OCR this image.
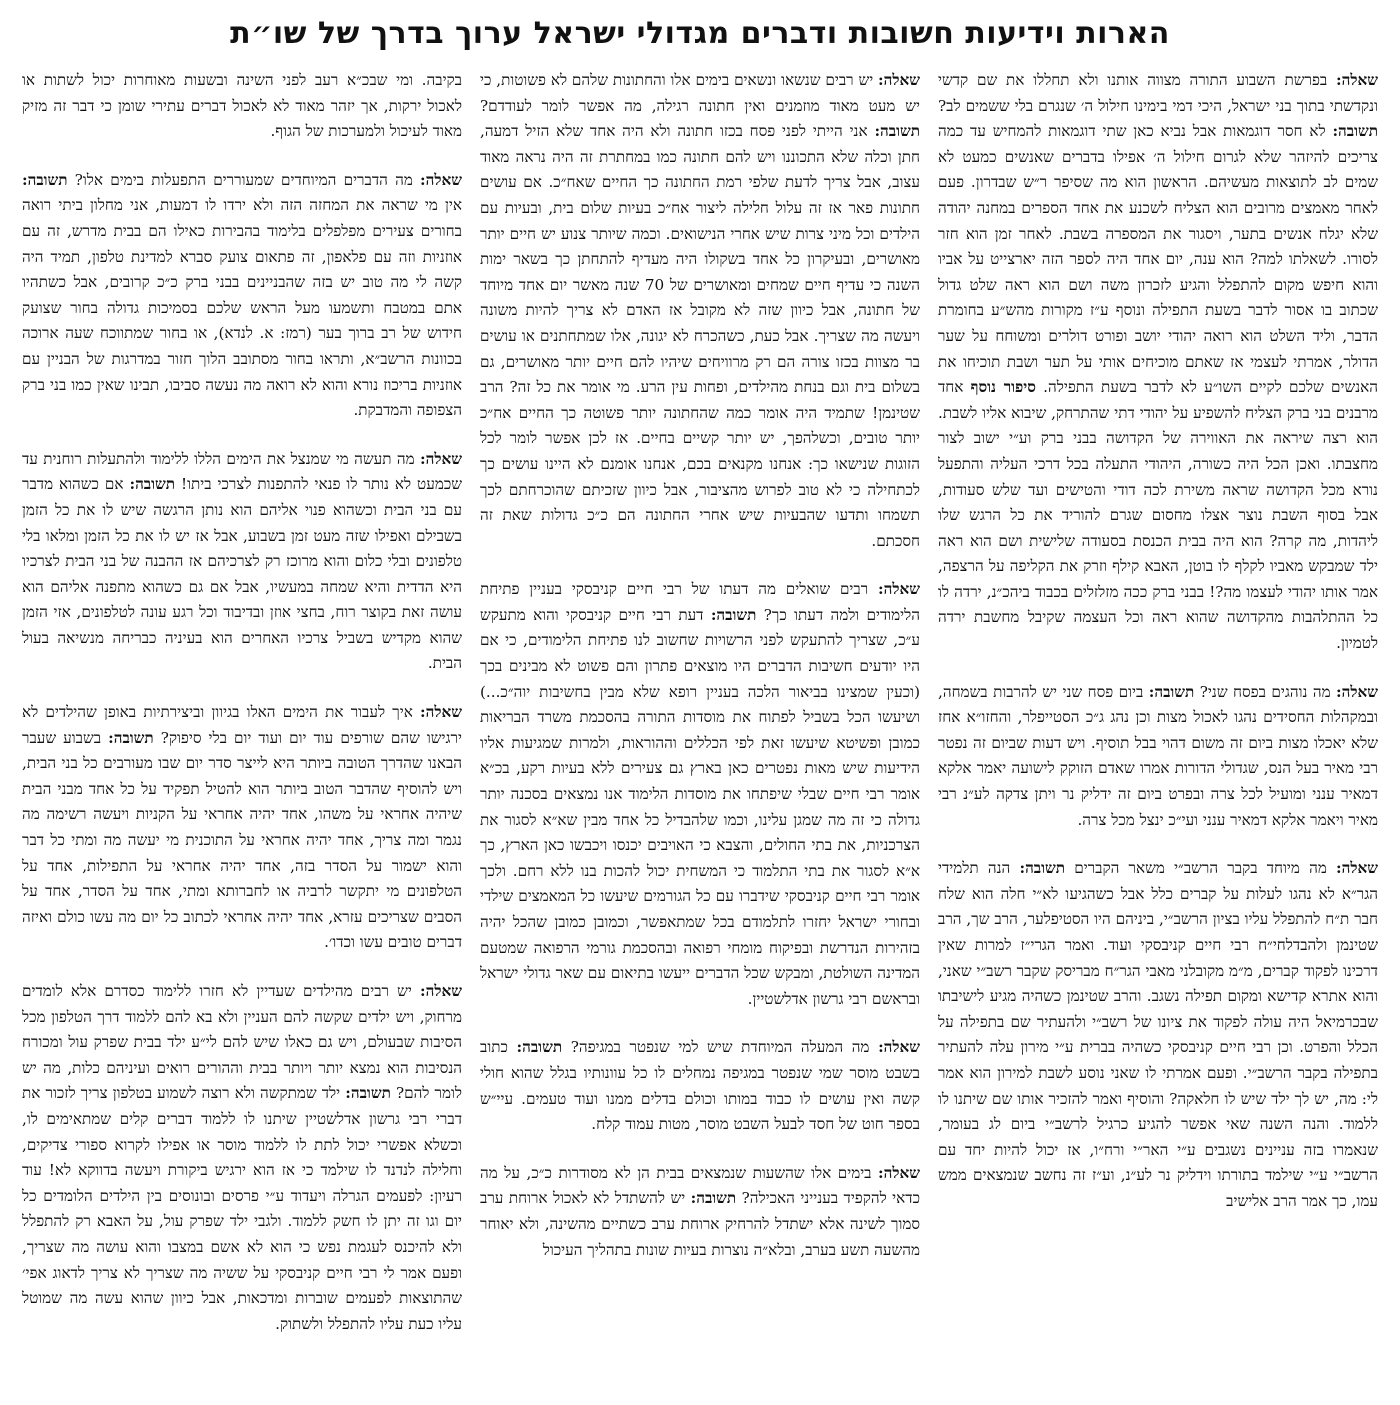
הארות וידיעות חשובות ודברים מגדולי ישראל ערוך בדרך של שו״ת

שאלה: בפרשת השבוע התורה מצווה אותנו ולא תחללו את שם קדשי ונקדשתי בתוך בני ישראל, היכי דמי בימינו חילול ה׳ שנגרם בלי ששמים לב? תשובה: לא חסר דוגמאות אבל נביא כאן שתי דוגמאות להמחיש עד כמה צריכים להיזהר שלא לגרום חילול ה׳ אפילו בדברים שאנשים כמעט לא שמים לב לתוצאות מעשיהם. הראשון הוא מה שסיפר ר״ש שבדרון. פעם לאחר מאמצים מרובים הוא הצליח לשכנע את אחד הספרים במחנה יהודה שלא יגלח אנשים בתער, ויסגור את המספרה בשבת. לאחר זמן הוא חזר לסורו. לשאלתו למה? הוא ענה, יום אחד היה לספר הזה יארצייט על אביו והוא חיפש מקום להתפלל והגיע לזכרון משה ושם הוא ראה שלט גדול שכתוב בו אסור לדבר בשעת התפילה ונוסף ע״ז מקורות מהש״ע בחומרת הדבר, וליד השלט הוא רואה יהודי יושב ופורט דולרים ומשוחח על שער הדולר, אמרתי לעצמי אז שאתם מוכיחים אותי על תער ושבת תוכיחו את האנשים שלכם לקיים השו״ע לא לדבר בשעת התפילה. סיפור נוסף אחד מרבנים בני ברק הצליח להשפיע על יהודי דתי שהתרחק, שיבוא אליו לשבת. הוא רצה שיראה את האווירה של הקדושה בבני ברק וע״י ישוב לצור מחצבתו. ואכן הכל היה כשורה, היהודי התעלה בכל דרכי העליה והתפעל נורא מכל הקדושה שראה משירת לכה דודי והטישים ועד שלש סעודות, אבל בסוף השבת נוצר אצלו מחסום שגרם להוריד את כל הרגש שלו ליהדות, מה קרה? הוא היה בבית הכנסת בסעודה שלישית ושם הוא ראה ילד שמבקש מאביו לקלף לו בוטן, האבא קילף וזרק את הקליפה על הרצפה, אמר אותו יהודי לעצמו מה?! בבני ברק ככה מזלזלים בכבוד ביהכ״נ, ירדה לו כל ההתלהבות מהקדושה שהוא ראה וכל העצמה שקיבל מחשבת ירדה לטמיון.

שאלה: מה נוהגים בפסח שני? תשובה: ביום פסח שני יש להרבות בשמחה, ובמקהלות החסידים נהגו לאכול מצות וכן נהג ג״כ הסטייפלר, והחזו״א אחז שלא יאכלו מצות ביום זה משום דהוי בבל תוסיף. ויש דעות שביום זה נפטר רבי מאיר בעל הנס, שגדולי הדורות אמרו שאדם הזוקק לישועה יאמר אלקא דמאיר ענני ומועיל לכל צרה ובפרט ביום זה ידליק נר ויתן צדקה לע״נ רבי מאיר ויאמר אלקא דמאיר ענני ועי״כ ינצל מכל צרה.

שאלה: מה מיוחד בקבר הרשב״י משאר הקברים תשובה: הנה תלמידי הגר״א לא נהגו לעלות על קברים כלל אבל כשהגיעו לא״י חלה הוא שלח חבר ת״ח להתפלל עליו בציון הרשב״י, ביניהם היו הסטיפלער, הרב שך, הרב שטינמן ולהבדלחי״ח רבי חיים קניבסקי ועוד. ואמר הגרי״ז למרות שאין דרכינו לפקוד קברים, מ״מ מקובלני מאבי הגר״ח מבריסק שקבר רשב״י שאני, והוא אתרא קדישא ומקום תפילה נשגב. והרב שטינמן כשהיה מגיע לישיבתו שבכרמיאל היה עולה לפקוד את ציונו של רשב״י ולהעתיר שם בתפילה על הכלל והפרט. וכן רבי חיים קניבסקי כשהיה בברית ע״י מירון עלה להעתיר בתפילה בקבר הרשב״י. ופעם אמרתי לו שאני נוסע לשבת למירון הוא אמר לי: מה, יש לך ילד שיש לו חלאקה? והוסיף ואמר להזכיר אותו שם שיתנו לו ללמוד. והנה השנה שאי אפשר להגיע כרגיל לרשב״י ביום לג בעומר, שנאמרו בזה עניינים נשגבים ע״י האר״י ורח״ו, אז יכול להיות יחד עם הרשב״י ע״י שילמד בתורתו וידליק נר לע״נ, וע״ז זה נחשב שנמצאים ממש עמו, כך אמר הרב אלישיב

שאלה: יש רבים שנשאו ונשאים בימים אלו והחתונות שלהם לא פשוטות, כי יש מעט מאוד מוזמנים ואין חתונה רגילה, מה אפשר לומר לעודדם? תשובה: אני הייתי לפני פסח בכזו חתונה ולא היה אחד שלא הזיל דמעה, חתן וכלה שלא התכוננו ויש להם חתונה כמו במחתרת זה היה נראה מאוד עצוב, אבל צריך לדעת שלפי רמת החתונה כך החיים שאח״כ. אם עושים חתונות פאר אז זה עלול חלילה ליצור אח״כ בעיות שלום בית, ובעיות עם הילדים וכל מיני צרות שיש אחרי הנישואים. וכמה שיותר צנוע יש חיים יותר מאושרים, ובעיקרון כל אחד בשקולו היה מעדיף להתחתן כך בשאר ימות השנה כי עדיף חיים שמחים ומאושרים של 70 שנה מאשר יום אחד מיוחד של חתונה, אבל כיוון שזה לא מקובל אז האדם לא צריך להיות משונה ויעשה מה שצריך. אבל כעת, כשהכרח לא יגונה, אלו שמתחתנים או עושים בר מצוות בכזו צורה הם רק מרוויחים שיהיו להם חיים יותר מאושרים, גם בשלום בית וגם בנחת מהילדים, ופחות עין הרע. מי אומר את כל זה? הרב שטינמן! שתמיד היה אומר כמה שהחתונה יותר פשוטה כך החיים אח״כ יותר טובים, וכשלהפך, יש יותר קשיים בחיים. אז לכן אפשר לומר לכל הזוגות שנישאו כך: אנחנו מקנאים בכם, אנחנו אומנם לא היינו עושים כך לכתחילה כי לא טוב לפרוש מהציבור, אבל כיוון שזכיתם שהוכרחתם לכך תשמחו ותדעו שהבעיות שיש אחרי החתונה הם כ״כ גדולות שאת זה חסכתם.

שאלה: רבים שואלים מה דעתו של רבי חיים קניבסקי בעניין פתיחת הלימודים ולמה דעתו כך? תשובה: דעת רבי חיים קניבסקי והוא מתעקש ע״כ, שצריך להתעקש לפני הרשויות שחשוב לנו פתיחת הלימודים, כי אם היו יודעים חשיבות הדברים היו מוצאים פתרון והם פשוט לא מבינים בכך (וכעין שמצינו בביאור הלכה בעניין רופא שלא מבין בחשיבות יוה״כ...) ושיעשו הכל בשביל לפתוח את מוסדות התורה בהסכמת משרד הבריאות כמובן ופשיטא שיעשו זאת לפי הכללים וההוראות, ולמרות שמגיעות אליו הידיעות שיש מאות נפטרים כאן בארץ גם צעירים ללא בעיות רקע, בכ״א אומר רבי חיים שבלי שיפתחו את מוסדות הלימוד אנו נמצאים בסכנה יותר גדולה כי זה מה שמגן עלינו, וכמו שלהבדיל כל אחד מבין שא״א לסגור את הצרכניות, את בתי החולים, והצבא כי האויבים יכנסו ויכבשו כאן הארץ, כך א״א לסגור את בתי התלמוד כי המשחית יכול להכות בנו ללא רחם. ולכך אומר רבי חיים קניבסקי שידברו עם כל הגורמים שיעשו כל המאמצים שילדי ובחורי ישראל יחזרו לתלמודם בכל שמתאפשר, וכמובן כמובן שהכל יהיה בזהירות הנדרשת ובפיקוח מומחי רפואה ובהסכמת גורמי הרפואה שמטעם המדינה השולטת, ומבקש שכל הדברים ייעשו בתיאום עם שאר גדולי ישראל ובראשם רבי גרשון אדלשטיין.

שאלה: מה המעלה המיוחדת שיש למי שנפטר במגיפה? תשובה: כתוב בשבט מוסר שמי שנפטר במגיפה נמחלים לו כל עוונותיו בגלל שהוא חולי קשה ואין עושים לו כבוד במותו וכולם בדלים ממנו ועוד טעמים. עיי״ש בספר חוט של חסד לבעל השבט מוסר, מטות עמוד קלח.

שאלה: בימים אלו שהשעות שנמצאים בבית הן לא מסודרות כ״כ, על מה כדאי להקפיד בענייני האכילה? תשובה: יש להשתדל לא לאכול ארוחת ערב סמוך לשינה אלא ישתדל להרחיק ארוחת ערב כשתיים מהשינה, ולא יאוחר מהשעה תשע בערב, ובלא״ה נוצרות בעיות שונות בתהליך העיכול

בקיבה. ומי שבכ״א רעב לפני השינה ובשעות מאוחרות יכול לשתות או לאכול ירקות, אך יזהר מאוד לא לאכול דברים עתירי שומן כי דבר זה מזיק מאוד לעיכול ולמערכות של הגוף.

שאלה: מה הדברים המיוחדים שמעוררים התפעלות בימים אלו? תשובה: אין מי שראה את המחזה הזה ולא ירדו לו דמעות, אני מחלון ביתי רואה בחורים צעירים מפלפלים בלימוד בהבירות כאילו הם בבית מדרש, זה עם אוזניות וזה עם פלאפון, זה פתאום צועק סברא למדינת טלפון, תמיד היה קשה לי מה טוב יש בזה שהבניינים בבני ברק כ״כ קרובים, אבל כשתהיו אתם במטבח ותשמעו מעל הראש שלכם בסמיכות גדולה בחור שצועק חידוש של רב ברוך בער (רמז: א. לנדא), או בחור שמתווכח שעה ארוכה בכוונות הרשב״א, ותראו בחור מסתובב הלוך חזור במדרגות של הבניין עם אוזניות בריכוז נורא והוא לא רואה מה נעשה סביבו, תבינו שאין כמו בני ברק הצפופה והמדבקת.

שאלה: מה תעשה מי שמנצל את הימים הללו ללימוד ולהתעלות רוחנית עד שכמעט לא נותר לו פנאי להתפנות לצרכי ביתו! תשובה: אם כשהוא מדבר עם בני הבית וכשהוא פנוי אליהם הוא נותן הרגשה שיש לו את כל הזמן בשבילם ואפילו שזה מעט זמן בשבוע, אבל אז יש לו את כל הזמן ומלאו בלי טלפונים ובלי כלום והוא מרוכז רק לצרכיהם אז ההבנה של בני הבית לצרכיו היא הדדית והיא שמחה במעשיו, אבל אם גם כשהוא מתפנה אליהם הוא עושה זאת בקוצר רוח, בחצי אוזן ובדיבוד וכל רגע עונה לטלפונים, אזי הזמן שהוא מקדיש בשביל צרכיו האחרים הוא בעיניה כבריחה מנשיאה בעול הבית.

שאלה: איך לעבור את הימים האלו בגיוון וביצירתיות באופן שהילדים לא ירגישו שהם שורפים עוד יום ועוד יום בלי סיפוק? תשובה: בשבוע שעבר הבאנו שהדרך הטובה ביותר היא לייצר סדר יום שבו מעורבים כל בני הבית, ויש להוסיף שהדבר הטוב ביותר הוא להטיל תפקיד על כל אחד מבני הבית שיהיה אחראי על משהו, אחד יהיה אחראי על הקניות ויעשה רשימה מה נגמר ומה צריך, אחד יהיה אחראי על התוכנית מי יעשה מה ומתי כל דבר והוא ישמור על הסדר בזה, אחד יהיה אחראי על התפילות, אחד על הטלפונים מי יתקשר לרביה או לחברותא ומתי, אחד על הסדר, אחד על הסבים שצריכים עזרא, אחד יהיה אחראי לכתוב כל יום מה עשו כולם ואיזה דברים טובים עשו וכדו׳.

שאלה: יש רבים מהילדים שעדיין לא חזרו ללימוד כסדרם אלא לומדים מרחוק, ויש ילדים שקשה להם העניין ולא בא להם ללמוד דרך הטלפון מכל הסיבות שבעולם, ויש גם כאלו שיש להם לי״ע ילד בבית שפרק עול ומכורח הנסיבות הוא נמצא יותר ויותר בבית וההורים רואים ועיניהם כלות, מה יש לומר להם? תשובה: ילד שמתקשה ולא רוצה לשמוע בטלפון צריך לזכור את דברי רבי גרשון אדלשטיין שיתנו לו ללמוד דברים קלים שמתאימים לו, וכשלא אפשרי יכול לתת לו ללמוד מוסר או אפילו לקרוא ספורי צדיקים, וחלילה לנדנד לו שילמד כי אז הוא ירגיש ביקורת ויעשה בדווקא לא! עוד רעיון: לפעמים הגרלה ויעדוד ע״י פרסים ובונוסים בין הילדים הלומדים כל יום וגו זה יתן לו חשק ללמוד. ולגבי ילד שפרק עול, על האבא רק להתפלל ולא להיכנס לעגמת נפש כי הוא לא אשם במצבו והוא עושה מה שצריך, ופעם אמר לי רבי חיים קניבסקי על ששיה מה שצריך לא צריך לדאוג אפי׳ שהתוצאות לפעמים שוברות ומדכאות, אבל כיוון שהוא עשה מה שמוטל עליו כעת עליו להתפלל ולשתוק.
